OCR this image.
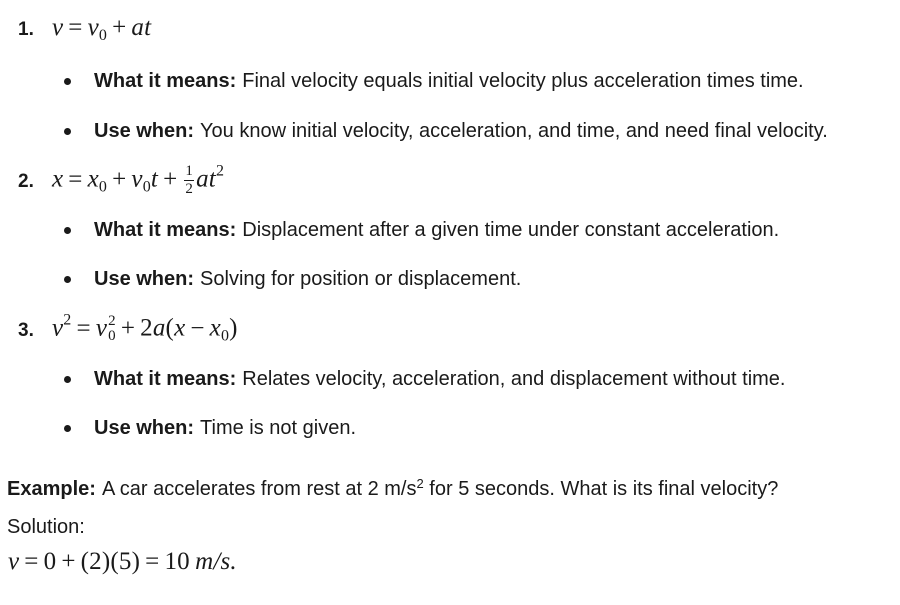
1. $v = v_0$ + at
What it means: Final velocity equals initial velocity plus acceleration times time.
Use when: You know initial velocity, acceleration, and time, and need final velocity.
2. $x = x_0 + v_0t + \frac{1}{2} at^2$
What it means: Displacement after a given time under constant acceleration.
Use when: Solving for position or displacement.
3. $v^2 = v$ 2
$0 + 2a(x - x_0)$
What it means: Relates velocity, acceleration, and displacement without time.
Use when: Time is not given.
Example: A car accelerates from rest at 2 $m/s^2$ for 5 seconds. What is its final velocity?
Solution:
v = 0 + (2)(5) = 10 m/s.
